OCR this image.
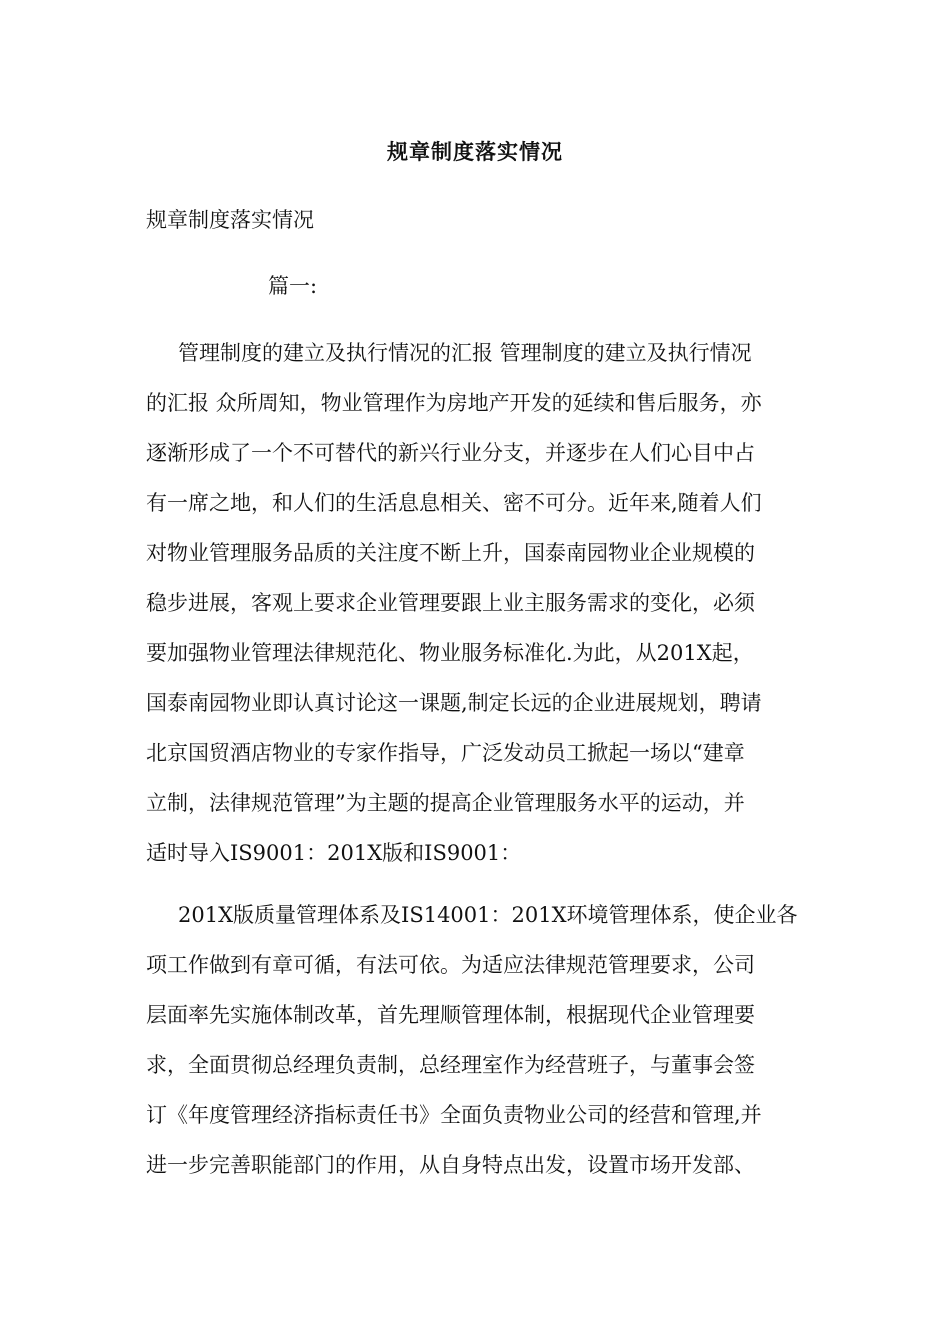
规章制度落实情况

规章制度落实情况

篇一:

管理制度的建立及执行情况的汇报 管理制度的建立及执行情况
的汇报 众所周知，物业管理作为房地产开发的延续和售后服务，亦
逐渐形成了一个不可替代的新兴行业分支，并逐步在人们心目中占
有一席之地，和人们的生活息息相关、密不可分。近年来,随着人们
对物业管理服务品质的关注度不断上升，国泰南园物业企业规模的
稳步进展，客观上要求企业管理要跟上业主服务需求的变化，必须
要加强物业管理法律规范化、物业服务标准化.为此，从201X起，
国泰南园物业即认真讨论这一课题,制定长远的企业进展规划，聘请
北京国贸酒店物业的专家作指导，广泛发动员工掀起一场以“建章
立制，法律规范管理”为主题的提高企业管理服务水平的运动，并
适时导入IS9001：201X版和IS9001：

201X版质量管理体系及IS14001：201X环境管理体系，使企业各
项工作做到有章可循，有法可依。为适应法律规范管理要求，公司
层面率先实施体制改革，首先理顺管理体制，根据现代企业管理要
求，全面贯彻总经理负责制，总经理室作为经营班子，与董事会签
订《年度管理经济指标责任书》全面负责物业公司的经营和管理,并
进一步完善职能部门的作用，从自身特点出发，设置市场开发部、
